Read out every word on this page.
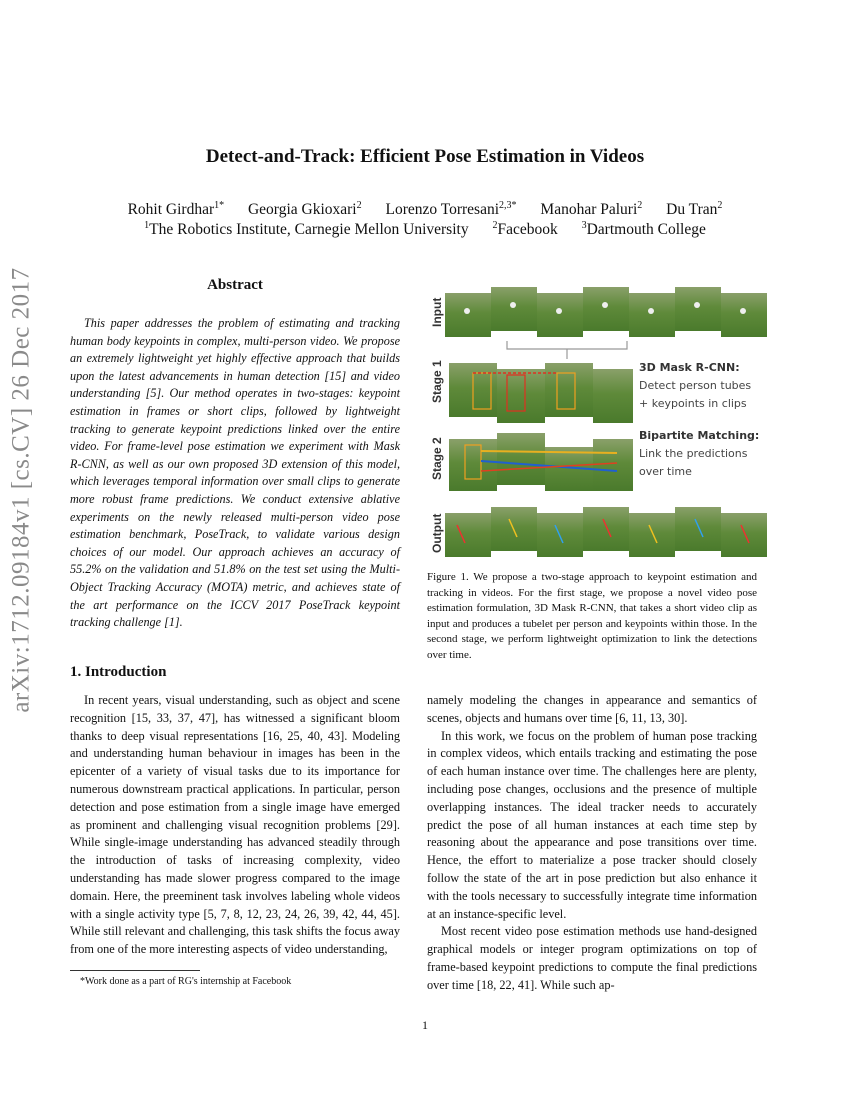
arXiv:1712.09184v1 [cs.CV] 26 Dec 2017
Detect-and-Track: Efficient Pose Estimation in Videos
Rohit Girdhar$^{1*}$ Georgia Gkioxari$^2$ Lorenzo Torresani$^{2,3*}$ Manohar Paluri$^2$ Du Tran$^2$
$^1$The Robotics Institute, Carnegie Mellon University $^2$Facebook $^3$Dartmouth College
Abstract
This paper addresses the problem of estimating and tracking human body keypoints in complex, multi-person video. We propose an extremely lightweight yet highly effective approach that builds upon the latest advancements in human detection [15] and video understanding [5]. Our method operates in two-stages: keypoint estimation in frames or short clips, followed by lightweight tracking to generate keypoint predictions linked over the entire video. For frame-level pose estimation we experiment with Mask R-CNN, as well as our own proposed 3D extension of this model, which leverages temporal information over small clips to generate more robust frame predictions. We conduct extensive ablative experiments on the newly released multi-person video pose estimation benchmark, PoseTrack, to validate various design choices of our model. Our approach achieves an accuracy of 55.2% on the validation and 51.8% on the test set using the Multi-Object Tracking Accuracy (MOTA) metric, and achieves state of the art performance on the ICCV 2017 PoseTrack keypoint tracking challenge [1].
Input
Stage 1
Stage 2
Output
3D Mask R-CNN:
Detect person tubes
+ keypoints in clips
Bipartite Matching:
Link the predictions
over time
Figure 1. We propose a two-stage approach to keypoint estimation and tracking in videos. For the first stage, we propose a novel video pose estimation formulation, 3D Mask R-CNN, that takes a short video clip as input and produces a tubelet per person and keypoints within those. In the second stage, we perform lightweight optimization to link the detections over time.
1. Introduction

In recent years, visual understanding, such as object and scene recognition [15, 33, 37, 47], has witnessed a significant bloom thanks to deep visual representations [16, 25, 40, 43]. Modeling and understanding human behaviour in images has been in the epicenter of a variety of visual tasks due to its importance for numerous downstream practical applications. In particular, person detection and pose estimation from a single image have emerged as prominent and challenging visual recognition problems [29]. While single-image understanding has advanced steadily through the introduction of tasks of increasing complexity, video understanding has made slower progress compared to the image domain. Here, the preeminent task involves labeling whole videos with a single activity type [5, 7, 8, 12, 23, 24, 26, 39, 42, 44, 45]. While still relevant and challenging, this task shifts the focus away from one of the more interesting aspects of video understanding,

namely modeling the changes in appearance and semantics of scenes, objects and humans over time [6, 11, 13, 30].

In this work, we focus on the problem of human pose tracking in complex videos, which entails tracking and estimating the pose of each human instance over time. The challenges here are plenty, including pose changes, occlusions and the presence of multiple overlapping instances. The ideal tracker needs to accurately predict the pose of all human instances at each time step by reasoning about the appearance and pose transitions over time. Hence, the effort to materialize a pose tracker should closely follow the state of the art in pose prediction but also enhance it with the tools necessary to successfully integrate time information at an instance-specific level.

Most recent video pose estimation methods use hand-designed graphical models or integer program optimizations on top of frame-based keypoint predictions to compute the final predictions over time [18, 22, 41]. While such ap-

*Work done as a part of RG's internship at Facebook
1
